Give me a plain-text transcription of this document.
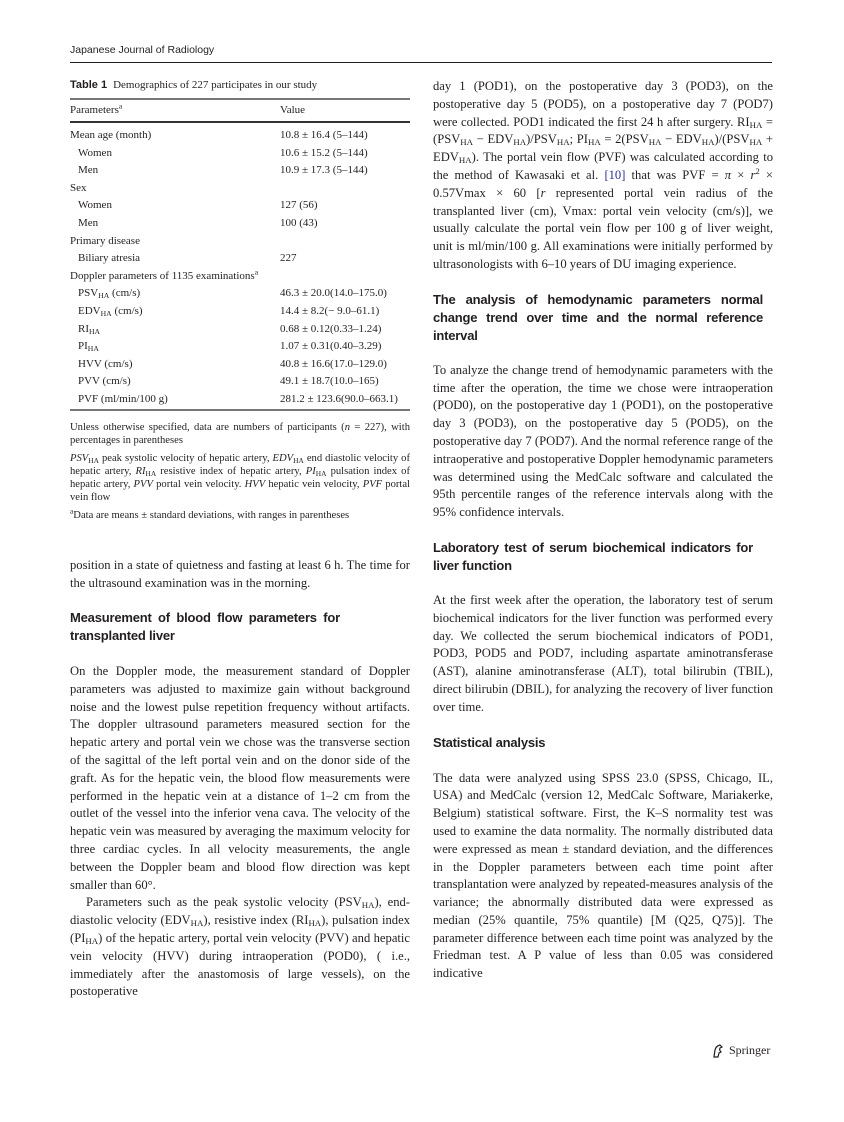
Japanese Journal of Radiology
Table 1 Demographics of 227 participates in our study
Parameters$^a$	Value
Mean age (month)	10.8 ± 16.4 (5–144)
Women	10.6 ± 15.2 (5–144)
Men	10.9 ± 17.3 (5–144)
Sex	
Women	127 (56)
Men	100 (43)
Primary disease	
Biliary atresia	227
Doppler parameters of 1135 examinations$^a$	
$PSV_{HA}$ (cm/s)	46.3 ± 20.0(14.0–175.0)
$EDV_{HA}$ (cm/s)	14.4 ± 8.2(− 9.0–61.1)
$RI_{HA}$	0.68 ± 0.12(0.33–1.24)
$PI_{HA}$	1.07 ± 0.31(0.40–3.29)
HVV (cm/s)	40.8 ± 16.6(17.0–129.0)
PVV (cm/s)	49.1 ± 18.7(10.0–165)
PVF (ml/min/100 g)	281.2 ± 123.6(90.0–663.1)

Unless otherwise specified, data are numbers of participants (n = 227), with percentages in parentheses

$PSV_{HA}$ peak systolic velocity of hepatic artery, $EDV_{HA}$ end diastolic velocity of hepatic artery, $RI_{HA}$ resistive index of hepatic artery, $PI_{HA}$ pulsation index of hepatic artery, PVV portal vein velocity. HVV hepatic vein velocity, PVF portal vein flow

$^a$Data are means ± standard deviations, with ranges in parentheses

position in a state of quietness and fasting at least 6 h. The time for the ultrasound examination was in the morning.

Measurement of blood flow parameters for transplanted liver

On the Doppler mode, the measurement standard of Doppler parameters was adjusted to maximize gain without background noise and the lowest pulse repetition frequency without artifacts. The doppler ultrasound parameters measured section for the hepatic artery and portal vein we chose was the transverse section of the sagittal of the left portal vein and on the donor side of the graft. As for the hepatic vein, the blood flow measurements were performed in the hepatic vein at a distance of 1–2 cm from the outlet of the vessel into the inferior vena cava. The velocity of the hepatic vein was measured by averaging the maximum velocity for three cardiac cycles. In all velocity measurements, the angle between the Doppler beam and blood flow direction was kept smaller than 60°.

Parameters such as the peak systolic velocity $(PSV_{HA})$, end-diastolic velocity $(EDV_{HA})$, resistive index $(RI_{HA})$, pulsation index $(PI_{HA})$ of the hepatic artery, portal vein velocity (PVV) and hepatic vein velocity (HVV) during intraoperation (POD0), ( i.e., immediately after the anastomosis of large vessels), on the postoperative

day 1 (POD1), on the postoperative day 3 (POD3), on the postoperative day 5 (POD5), on a postoperative day 7 (POD7) were collected. POD1 indicated the first 24 h after surgery. $RI_{HA} = (PSV_{HA} - EDV_{HA})/PSV_{HA}$; $PI_{HA} = 2(PSV_{HA} - EDV_{HA})/(PSV_{HA} + EDV_{HA})$. The portal vein flow (PVF) was calculated according to the method of Kawasaki et al. [10] that was PVF = $\pi \times r^2 \times 0.57Vmax \times 60$ [r represented portal vein radius of the transplanted liver (cm), Vmax: portal vein velocity (cm/s)], we usually calculate the portal vein flow per 100 g of liver weight, unit is ml/min/100 g. All examinations were initially performed by ultrasonologists with 6–10 years of DU imaging experience.

The analysis of hemodynamic parameters normal change trend over time and the normal reference interval

To analyze the change trend of hemodynamic parameters with the time after the operation, the time we chose were intraoperation (POD0), on the postoperative day 1 (POD1), on the postoperative day 3 (POD3), on the postoperative day 5 (POD5), on the postoperative day 7 (POD7). And the normal reference range of the intraoperative and postoperative Doppler hemodynamic parameters was determined using the MedCalc software and calculated the 95th percentile ranges of the reference intervals along with the 95% confidence intervals.

Laboratory test of serum biochemical indicators for liver function

At the first week after the operation, the laboratory test of serum biochemical indicators for the liver function was performed every day. We collected the serum biochemical indicators of POD1, POD3, POD5 and POD7, including aspartate aminotransferase (AST), alanine aminotransferase (ALT), total bilirubin (TBIL), direct bilirubin (DBIL), for analyzing the recovery of liver function over time.

Statistical analysis

The data were analyzed using SPSS 23.0 (SPSS, Chicago, IL, USA) and MedCalc (version 12, MedCalc Software, Mariakerke, Belgium) statistical software. First, the K–S normality test was used to examine the data normality. The normally distributed data were expressed as mean ± standard deviation, and the differences in the Doppler parameters between each time point after transplantation were analyzed by repeated-measures analysis of the variance; the abnormally distributed data were expressed as median (25% quantile, 75% quantile) [M (Q25, Q75)]. The parameter difference between each time point was analyzed by the Friedman test. A P value of less than 0.05 was considered indicative

Springer
